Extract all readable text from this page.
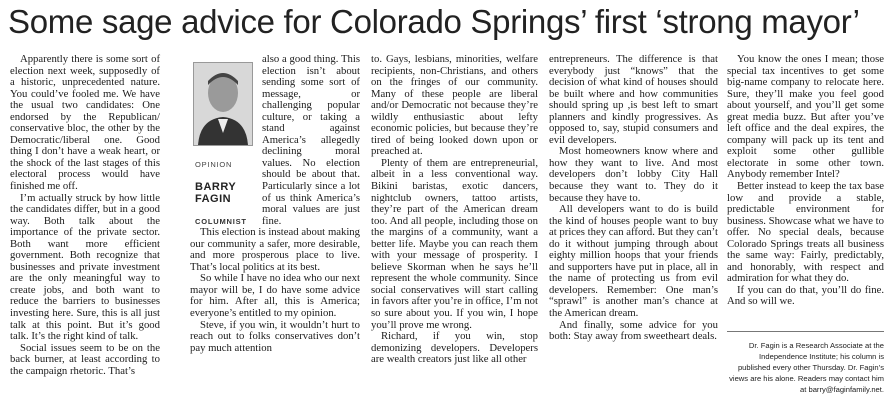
Some sage advice for Colorado Springs’ first ‘strong mayor’
OPINION
BARRY
FAGIN
COLUMNIST

Apparently there is some sort of election next week, supposedly of a historic, unprecedented nature. You could’ve fooled me. We have the usual two candidates: One endorsed by the Republican/ conservative bloc, the other by the Democratic/liberal one. Good thing I don’t have a weak heart, or the shock of the last stages of this electoral process would have finished me off.

I’m actually struck by how little the candidates differ, but in a good way. Both talk about the importance of the private sector. Both want more efficient government. Both recognize that businesses and private investment are the only meaningful way to create jobs, and both want to reduce the barriers to businesses investing here. Sure, this is all just talk at this point. But it’s good talk. It’s the right kind of talk.

Social issues seem to be on the back burner, at least according to the campaign rhetoric. That’s

also a good thing. This election isn’t about sending some sort of message, or challenging popular culture, or taking a stand against America’s allegedly declining moral values. No election should be about that. Particularly since a lot of us think America’s moral values are just fine.

This election is instead about making our community a safer, more desirable, and more prosperous place to live. That’s local politics at its best.

So while I have no idea who our next mayor will be, I do have some advice for him. After all, this is America; everyone’s entitled to my opinion.

Steve, if you win, it wouldn’t hurt to reach out to folks conservatives don’t pay much attention

to. Gays, lesbians, minorities, welfare recipients, non-Christians, and others on the fringes of our community. Many of these people are liberal and/or Democratic not because they’re wildly enthusiastic about lefty economic policies, but because they’re tired of being looked down upon or preached at.

Plenty of them are entrepreneurial, albeit in a less conventional way. Bikini baristas, exotic dancers, nightclub owners, tattoo artists, they’re part of the American dream too. And all people, including those on the margins of a community, want a better life. Maybe you can reach them with your message of prosperity. I believe Skorman when he says he’ll represent the whole community. Since social conservatives will start calling in favors after you’re in office, I’m not so sure about you. If you win, I hope you’ll prove me wrong.

Richard, if you win, stop demonizing developers. Developers are wealth creators just like all other

entrepreneurs. The difference is that everybody just “knows” that the decision of what kind of houses should be built where and how communities should spring up ,is best left to smart planners and kindly progressives. As opposed to, say, stupid consumers and evil developers.

Most homeowners know where and how they want to live. And most developers don’t lobby City Hall because they want to. They do it because they have to.

All developers want to do is build the kind of houses people want to buy at prices they can afford. But they can’t do it without jumping through about eighty million hoops that your friends and supporters have put in place, all in the name of protecting us from evil developers. Remember: One man’s “sprawl” is another man’s chance at the American dream.

And finally, some advice for you both: Stay away from sweetheart deals.

You know the ones I mean; those special tax incentives to get some big-name company to relocate here. Sure, they’ll make you feel good about yourself, and you’ll get some great media buzz. But after you’ve left office and the deal expires, the company will pack up its tent and exploit some other gullible electorate in some other town. Anybody remember Intel?

Better instead to keep the tax base low and provide a stable, predictable environment for business. Showcase what we have to offer. No special deals, because Colorado Springs treats all business the same way: Fairly, predictably, and honorably, with respect and admiration for what they do.

If you can do that, you’ll do fine. And so will we.

Dr. Fagin is a Research Associate at the Independence Institute; his column is published every other Thursday. Dr. Fagin’s views are his alone. Readers may contact him at barry@faginfamily.net.
